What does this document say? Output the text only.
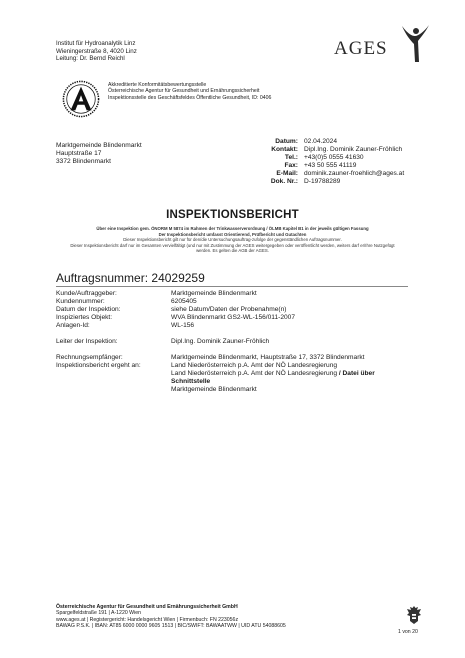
Institut für Hydroanalytik Linz
Wieningerstraße 8, 4020 Linz
Leitung: Dr. Bernd Reichl	AGES
Akkreditierte Konformitätsbewertungsstelle
Österreichische Agentur für Gesundheit und Ernährungssicherheit
Inspektionsstelle des Geschäftsfeldes Öffentliche Gesundheit, ID: 0406
Marktgemeinde Blindenmarkt
Hauptstraße 17
3372 Blindenmarkt
Datum: 02.04.2024
Kontakt: Dipl.Ing. Dominik Zauner-Fröhlich
Tel.: +43(0)5 0555 41630
Fax: +43 50 555 41119
E-Mail: dominik.zauner-froehlich@ages.at
Dok. Nr.: D-19788289
INSPEKTIONSBERICHT
Über eine Inspektion gem. ÖNORM M 5874 im Rahmen der Trinkwasserverordnung / ÖLMB Kapitel B1 in der jeweils gültigen Fassung
Der Inspektionsbericht umfasst Orientierend, Prüfbericht und Gutachten
Dieser Inspektionsbericht gilt nur für den/die Untersuchungsauftrag-zufolge der gegenständlichen Auftragsnummer.
Dieser Inspektionsbericht darf nur im Gesamten vervielfältigt (und nur mit Zustimmung der AGES weitergegeben oder veröffentlicht werden, weiters darf er/Ihre Nutzgefügt
werden. Es gelten die AGB der AGES.
Auftragsnummer: 24029259
Kunde/Auftraggeber:	Marktgemeinde Blindenmarkt
Kundennummer:	6205405
Datum der Inspektion:	siehe Datum/Daten der Probenahme(n)
Inspiziertes Objekt:	WVA Blindenmarkt GS2-WL-156/011-2007
Anlagen-Id:	WL-156
Leiter der Inspektion:	Dipl.Ing. Dominik Zauner-Fröhlich
Rechnungsempfänger:	Marktgemeinde Blindenmarkt, Hauptstraße 17, 3372 Blindenmarkt
Inspektionsbericht ergeht an:	Land Niederösterreich p.A. Amt der NÖ Landesregierung
Land Niederösterreich p.A. Amt der NÖ Landesregierung / Datei über
Schnittstelle
Marktgemeinde Blindenmarkt
Österreichische Agentur für Gesundheit und Ernährungssicherheit GmbH
Spargelfeldstraße 191 | A-1220 Wien
www.ages.at | Registergericht: Handelsgericht Wien | Firmenbuch: FN 223056z
BAWAG P.S.K. | IBAN: AT85 6000 0000 9605 1513 | BIC/SWIFT: BAWAATWW | UID ATU 54088605
1 von 20
